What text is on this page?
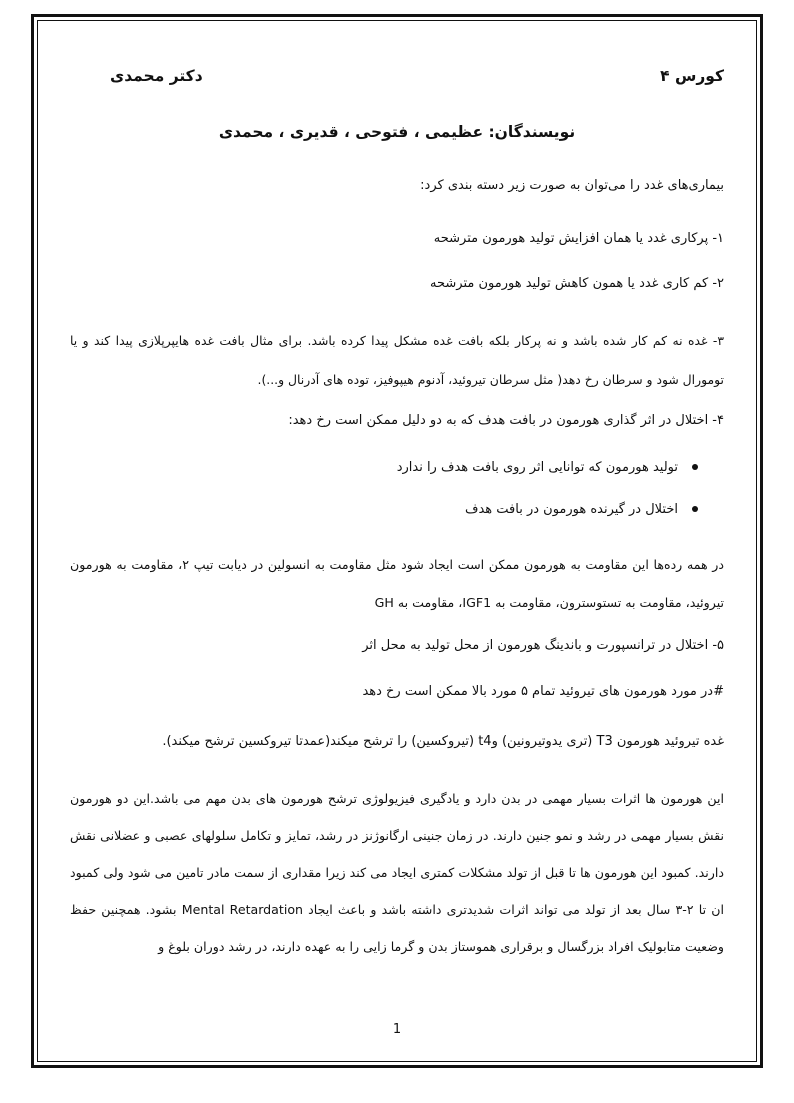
کورس ۴
دکتر محمدی
نویسندگان: عظیمی ، فتوحی ، قدیری ، محمدی
بیماری‌های غدد را می‌توان به صورت زیر دسته بندی کرد:
۱- پرکاری غدد یا همان افزایش تولید هورمون مترشحه
۲- کم کاری غدد یا همون کاهش تولید هورمون مترشحه
۳- غده نه کم کار شده باشد و نه پرکار بلکه بافت غده مشکل پیدا کرده باشد. برای مثال بافت غده هایپرپلازی پیدا کند و یا تومورال شود و سرطان رخ دهد( مثل سرطان تیروئید، آدنوم هیپوفیز، توده های آدرنال و...).
۴- اختلال در اثر گذاری هورمون در بافت هدف که به دو دلیل ممکن است رخ دهد:
تولید هورمون که توانایی اثر روی بافت هدف را ندارد
اختلال در گیرنده هورمون در بافت هدف
در همه رده‌ها این مقاومت به هورمون ممکن است ایجاد شود مثل مقاومت به انسولین در دیابت تیپ ۲، مقاومت به هورمون تیروئید، مقاومت به تستوسترون، مقاومت به IGF1، مقاومت به GH
۵- اختلال در ترانسپورت و باندینگ هورمون از محل تولید به محل اثر
#در مورد هورمون های تیروئید تمام ۵ مورد بالا ممکن است رخ دهد
غده تیروئید هورمون T3 (تری یدوتیرونین) وt4 (تیروکسین) را ترشح میکند(عمدتا تیروکسین ترشح میکند).
این هورمون ها اثرات بسیار مهمی در بدن دارد و یادگیری فیزیولوژی ترشح هورمون های بدن مهم می باشد.این دو هورمون نقش بسیار مهمی در رشد و نمو جنین دارند. در زمان جنینی ارگانوژنز در رشد، تمایز و تکامل سلولهای عصبی و عضلانی نقش دارند. کمبود این هورمون ها تا قبل از تولد مشکلات کمتری ایجاد می کند زیرا مقداری از سمت مادر تامین می شود ولی کمبود ان تا ۲-۳ سال بعد از تولد می تواند اثرات شدیدتری داشته باشد و باعث ایجاد Mental Retardation بشود. همچنین حفظ وضعیت متابولیک افراد بزرگسال و برقراری هموستاز بدن و گرما زایی را به عهده دارند، در رشد دوران بلوغ و
1
